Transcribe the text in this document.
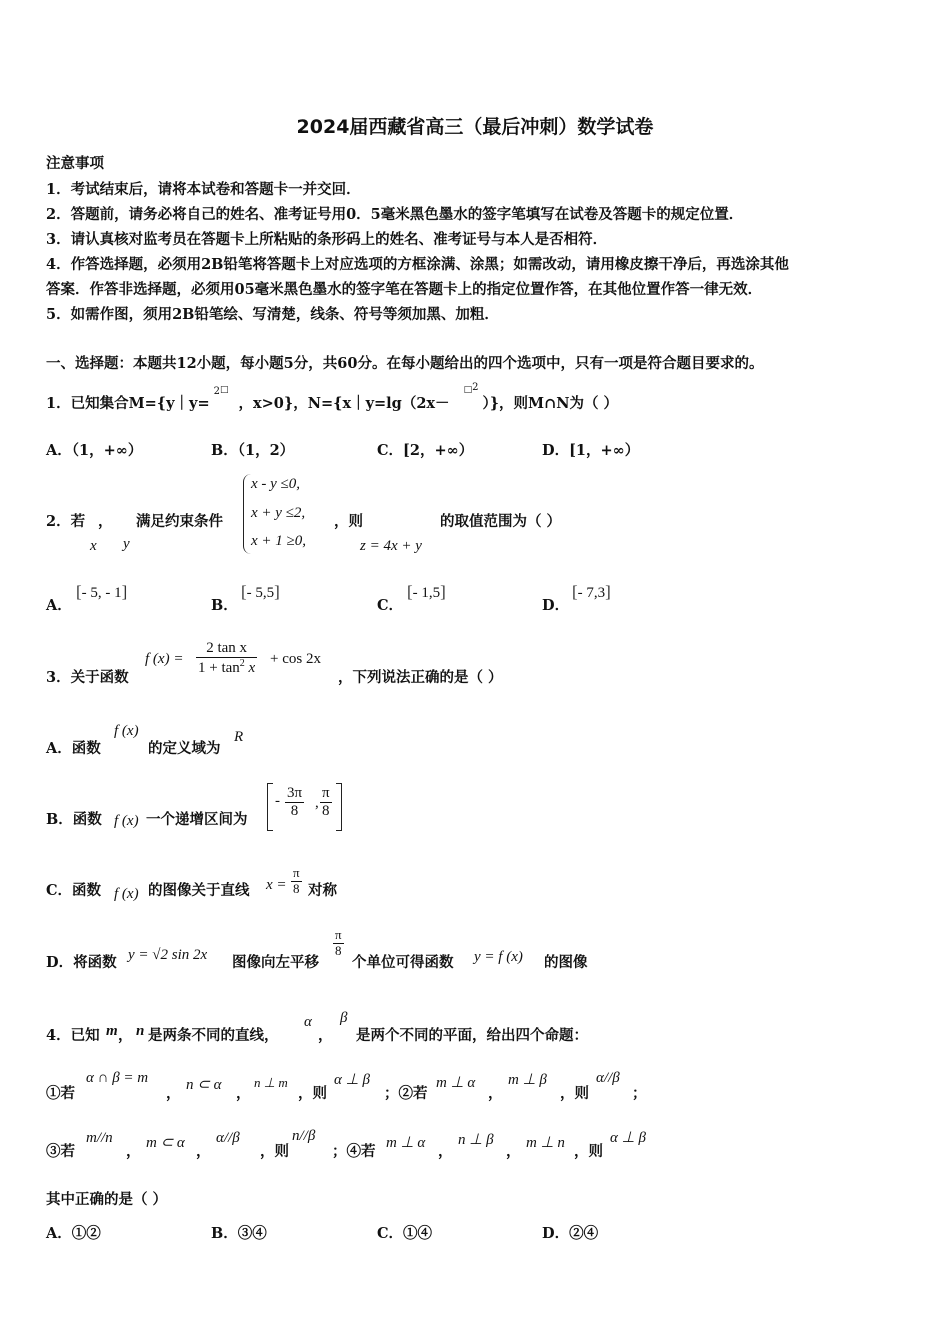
2024届西藏省高三（最后冲刺）数学试卷
注意事项
1．考试结束后，请将本试卷和答题卡一并交回．
2．答题前，请务必将自己的姓名、准考证号用0．5毫米黑色墨水的签字笔填写在试卷及答题卡的规定位置．
3．请认真核对监考员在答题卡上所粘贴的条形码上的姓名、准考证号与本人是否相符．
4．作答选择题，必须用2B铅笔将答题卡上对应选项的方框涂满、涂黑；如需改动，请用橡皮擦干净后，再选涂其他
答案．作答非选择题，必须用05毫米黑色墨水的签字笔在答题卡上的指定位置作答，在其他位置作答一律无效．
5．如需作图，须用2B铅笔绘、写清楚，线条、符号等须加黑、加粗．
一、选择题：本题共12小题，每小题5分，共60分。在每小题给出的四个选项中，只有一项是符合题目要求的。
1．已知集合M={y｜y=$^{2□}$，x>0}，N={x｜y=lg（2x－$^{□2}$）}，则M∩N为（ ）
A．（1，+∞）	B．（1，2）	C．[2，+∞）	D．[1，+∞）
2．若 ， 满足约束条件
x y
x - y ≤0,
x + y ≤2,
x + 1 ≥0,
，则
z = 4x + y
的取值范围为（ ）
A．
[- 5, - 1]
B．
[- 5,5]
C．
[- 1,5]
D．
[- 7,3]
3．关于函数
f $(x) = \frac{\text{2 tan x}}{1 + \tan^2 x} + \cos 2x$
，下列说法正确的是（ ）
A．函数
f (x)
的定义域为
R
B．函数 f (x) 一个递增区间为
- $\frac{3\pi}{8}$ , $\frac{\pi}{8}$
C．函数 f (x) 的图像关于直线 $x = \frac{\pi}{8}$ 对称
D．将函数 y = √2 sin 2x 图像向左平移
$\frac{\pi}{8}$
个单位可得函数 y = f (x) 的图像
4．已知 m ， n 是两条不同的直线，
α
，
β
是两个不同的平面，给出四个命题：
①若
α ∩ β = m
， n ⊂ α ，
n ⊥ m
，则
α ⊥ β
；②若
m ⊥ α
，
m ⊥ β
，则
α//β
；
③若
m//n
， m ⊂ α ，
α//β
，则
n//β
；④若 m ⊥ α ，
n ⊥ β
， m ⊥ n ，则
α ⊥ β
其中正确的是（ ）
A．①②	B．③④	C．①④	D．②④
